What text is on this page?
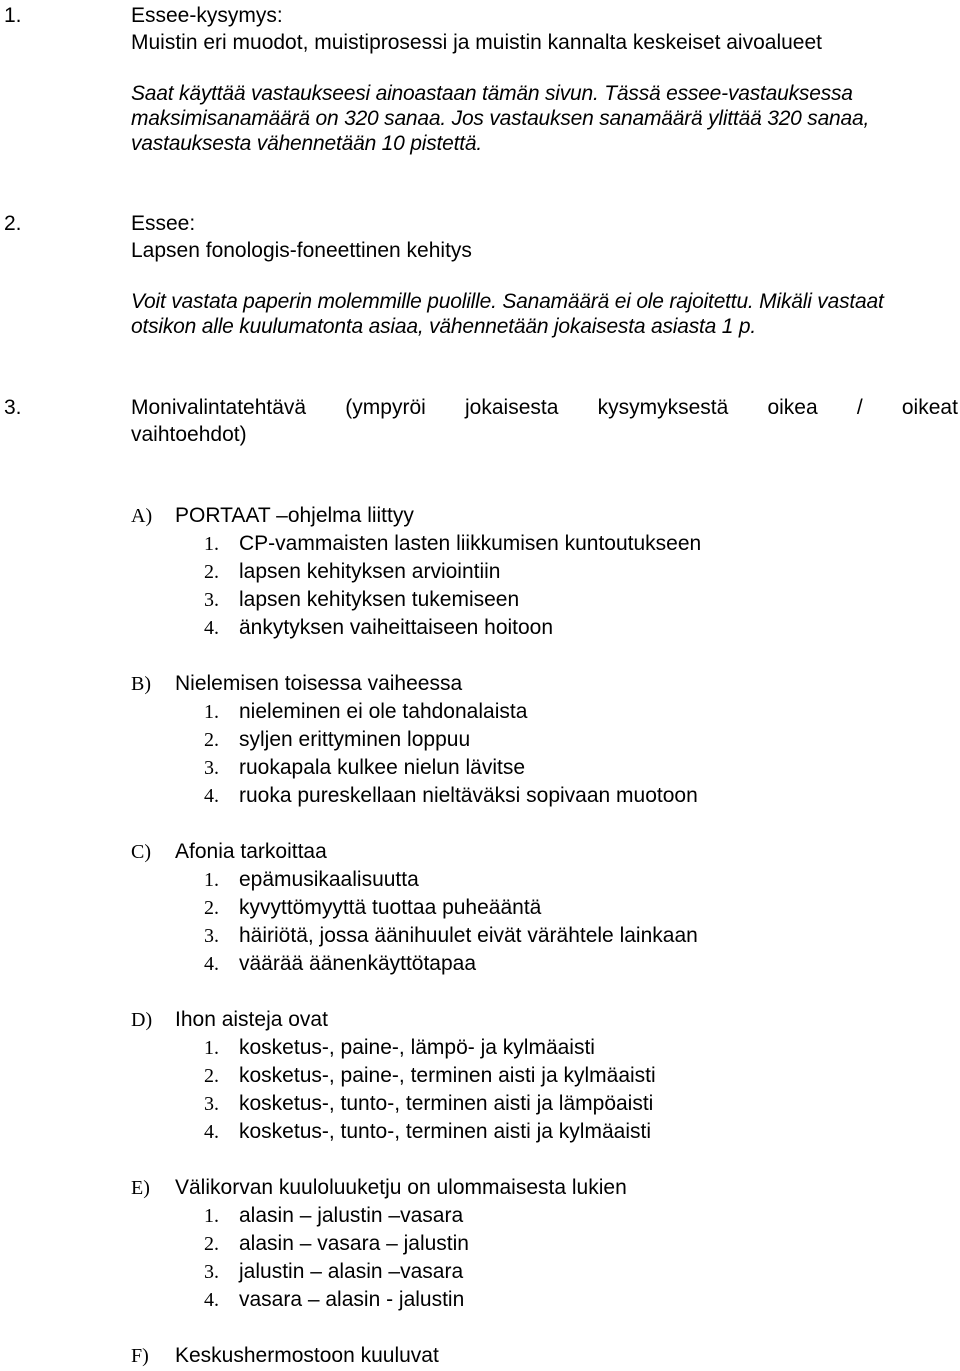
1.	Essee-kysymys:
Muistin eri muodot, muistiprosessi ja muistin kannalta keskeiset aivoalueet
Saat käyttää vastaukseesi ainoastaan tämän sivun. Tässä essee-vastauksessa
maksimisanamäärä on 320 sanaa. Jos vastauksen sanamäärä ylittää 320 sanaa,
vastauksesta vähennetään 10 pistettä.
2.	Essee:
Lapsen fonologis-foneettinen kehitys
Voit vastata paperin molemmille puolille. Sanamäärä ei ole rajoitettu. Mikäli vastaat
otsikon alle kuulumatonta asiaa, vähennetään jokaisesta asiasta 1 p.
3.	Monivalintatehtävä (ympyröi jokaisesta kysymyksestä oikea / oikeat
vaihtoehdot)
A)	PORTAAT –ohjelma liittyy
1. CP-vammaisten lasten liikkumisen kuntoutukseen
2. lapsen kehityksen arviointiin
3. lapsen kehityksen tukemiseen
4. änkytyksen vaiheittaiseen hoitoon
B)	Nielemisen toisessa vaiheessa
1. nieleminen ei ole tahdonalaista
2. syljen erittyminen loppuu
3. ruokapala kulkee nielun lävitse
4. ruoka pureskellaan nieltäväksi sopivaan muotoon
C)	Afonia tarkoittaa
1. epämusikaalisuutta
2. kyvyttömyyttä tuottaa puheääntä
3. häiriötä, jossa äänihuulet eivät värähtele lainkaan
4. väärää äänenkäyttötapaa
D)	Ihon aisteja ovat
1. kosketus-, paine-, lämpö- ja kylmäaisti
2. kosketus-, paine-, terminen aisti ja kylmäaisti
3. kosketus-, tunto-, terminen aisti ja lämpöaisti
4. kosketus-, tunto-, terminen aisti ja kylmäaisti
E)	Välikorvan kuuloluuketju on ulommaisesta lukien
1. alasin – jalustin –vasara
2. alasin – vasara – jalustin
3. jalustin – alasin –vasara
4. vasara – alasin - jalustin
F)	Keskushermostoon kuuluvat
